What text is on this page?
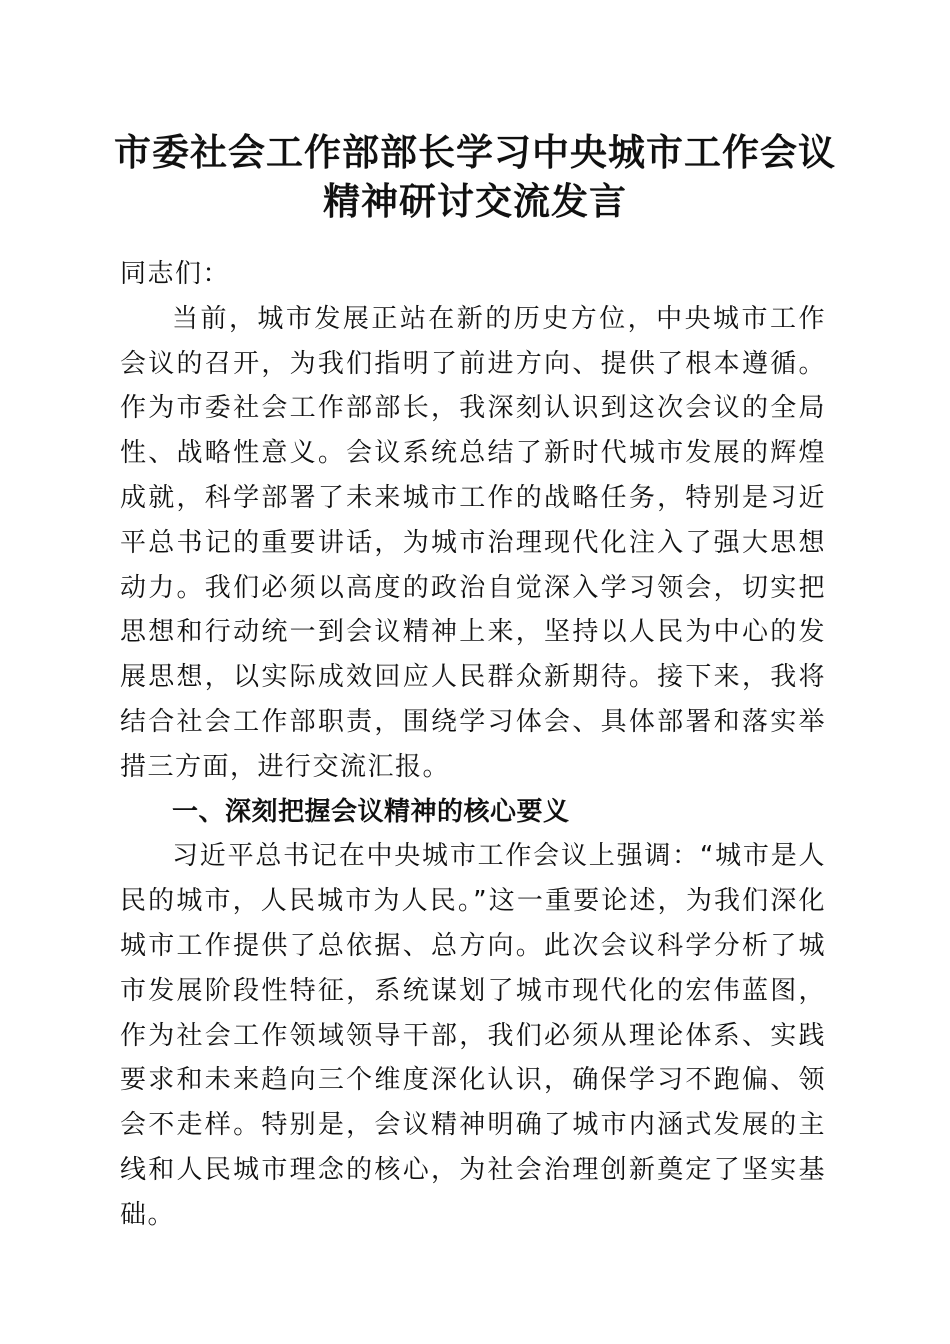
市委社会工作部部长学习中央城市工作会议精神研讨交流发言

同志们：

当前，城市发展正站在新的历史方位，中央城市工作会议的召开，为我们指明了前进方向、提供了根本遵循。作为市委社会工作部部长，我深刻认识到这次会议的全局性、战略性意义。会议系统总结了新时代城市发展的辉煌成就，科学部署了未来城市工作的战略任务，特别是习近平总书记的重要讲话，为城市治理现代化注入了强大思想动力。我们必须以高度的政治自觉深入学习领会，切实把思想和行动统一到会议精神上来，坚持以人民为中心的发展思想，以实际成效回应人民群众新期待。接下来，我将结合社会工作部职责，围绕学习体会、具体部署和落实举措三方面，进行交流汇报。

一、深刻把握会议精神的核心要义

习近平总书记在中央城市工作会议上强调：“城市是人民的城市，人民城市为人民。”这一重要论述，为我们深化城市工作提供了总依据、总方向。此次会议科学分析了城市发展阶段性特征，系统谋划了城市现代化的宏伟蓝图，作为社会工作领域领导干部，我们必须从理论体系、实践要求和未来趋向三个维度深化认识，确保学习不跑偏、领会不走样。特别是，会议精神明确了城市内涵式发展的主线和人民城市理念的核心，为社会治理创新奠定了坚实基础。
